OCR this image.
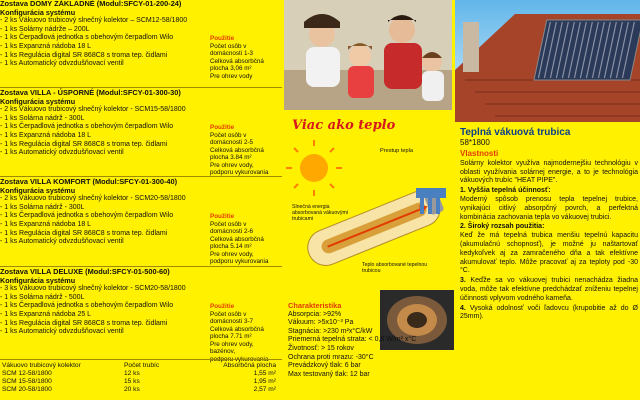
Zostava DOMY ZÁKLADNÉ (Modul:SFCY-01-200-24)
Konfigurácia systému
- 2 ks Vákuovo trubicový slnečný kolektor – SCM12-58/1800
- 1 ks Solárny nádrže – 200L
- 1 ks Čerpadlová jednotka s obehovým čerpadlom Wilo
- 1 ks Expanzná nádoba 18 L
- 1 ks Regulácia digital SR 868C8 s troma tep. čidlami
- 1 ks Automatický odvzdušňovací ventil
Použitie
Počet osôb v
domácnosti 1-3
Celková absorbčná
plocha 3,06 m²
Pre ohrev vody
Zostava VILLA - ÚSPORNÉ (Modul:SFCY-01-300-30)
Konfigurácia systému
- 2 ks Vákuovo trubicový slnečný kolektor - SCM15-58/1800
- 1 ks Solárna nádrž - 300L
- 1 ks Čerpadlová jednotka s obehovým čerpadlom Wilo
- 1 ks Expanzná nádoba 18 L
- 1 ks Regulácia digital SR 868C8 s troma tep. čidlami
- 1 ks Automatický odvzdušňovací ventil
Použitie
Počet osôb v
domácnosti 2-5
Celková absorbčná
plocha 3.84 m²
Pre ohrev vody,
podporu vykurovania
Zostava VILLA KOMFORT (Modul:SFCY-01-300-40)
Konfigurácia systému
- 2 ks Vákuovo trubicový slnečný kolektor - SCM20-58/1800
- 1 ks Solárna nádrž - 300L
- 1 ks Čerpadlová jednotka s obehovým čerpadlom Wilo
- 1 ks Expanzná nádoba 18 L
- 1 ks Regulácia digital SR 868C8 s troma tep. čidlami
- 1 ks Automatický odvzdušňovací ventil
Použitie
Počet osôb v
domácnosti 2-6
Celková absorbčná
plocha 5.14 m²
Pre ohrev vody,
podporu vykurovania
Zostava VILLA DELUXE (Modul:SFCY-01-500-60)
Konfigurácia systému
- 3 ks Vákuovo trubicový slnečný kolektor - SCM20-58/1800
- 1 ks Solárna nádrž - 500L
- 1 ks Čerpadlová jednotka s obehovým čerpadlom Wilo
- 1 ks Expanzná nádoba 25 L
- 1 ks Regulácia digital SR 868C8 s troma tep. čidlami
- 1 ks Automatický odvzdušňovací ventil
Použitie
Počet osôb v
domácnosti 3-7
Celková absorbčná
plocha 7.71 m²
Pre ohrev vody,
bazénov,
Vákuovo trubicový kolektor	Počet trubíc	Absorbčná plocha
SCM 12-58/1800	12 ks	1,55 m²
SCM 15-58/1800	15 ks	1,95 m²
SCM 20-58/1800	20 ks	2,57 m²
Viac ako teplo
Prestup tepla
Slnečná energia absorbovaná vákuovými trubicami
Teplo absorbované tepelnou trubicou
Charakteristika
Absorpcia: >92%
Vákuum: >5x10⁻³ Pa
Stagnácia: >230 m²x°C/kW
Priemerná tepelná strata: < 0,8 W/m² x°C
Životnosť: > 15 rokov
Ochrana proti mrazu: -30°C
Prevádzkový tlak: 6 bar
Max testovaný tlak: 12 bar
Teplná vákuová trubica
58*1800
Vlastnosti

Solárny kolektor využíva najmodernejšiu technológiu v oblasti využívania solárnej energie, a to je technológia vákuových trubíc "HEAT PIPE".

1. Vyššia tepelná účinnosť:

Moderný spôsob prenosu tepla tepelnej trubice, vynikajúci citlivý absorpčný povrch, a perfektná kombinácia zachovania tepla vo vákuovej trubici.

2. Široký rozsah použitia:

Keď že má tepelná trubica menšiu tepelnú kapacitu (akumulačnú schopnosť), je možné ju naštartovať kedykoľvek aj za zamračeného dňa a tak efektívne akumulovať teplo. Môže pracovať aj za teploty pod -30 °C.

3. Keďže sa vo vákuovej trubici nenachádza žiadna voda, môže tak efektívne predchádzať zníženiu tepelnej účinnosti vplyvom vodného kameňa.

4. Vysoká odolnosť voči ľadovcu (krupobitie až do Ø 25mm).
